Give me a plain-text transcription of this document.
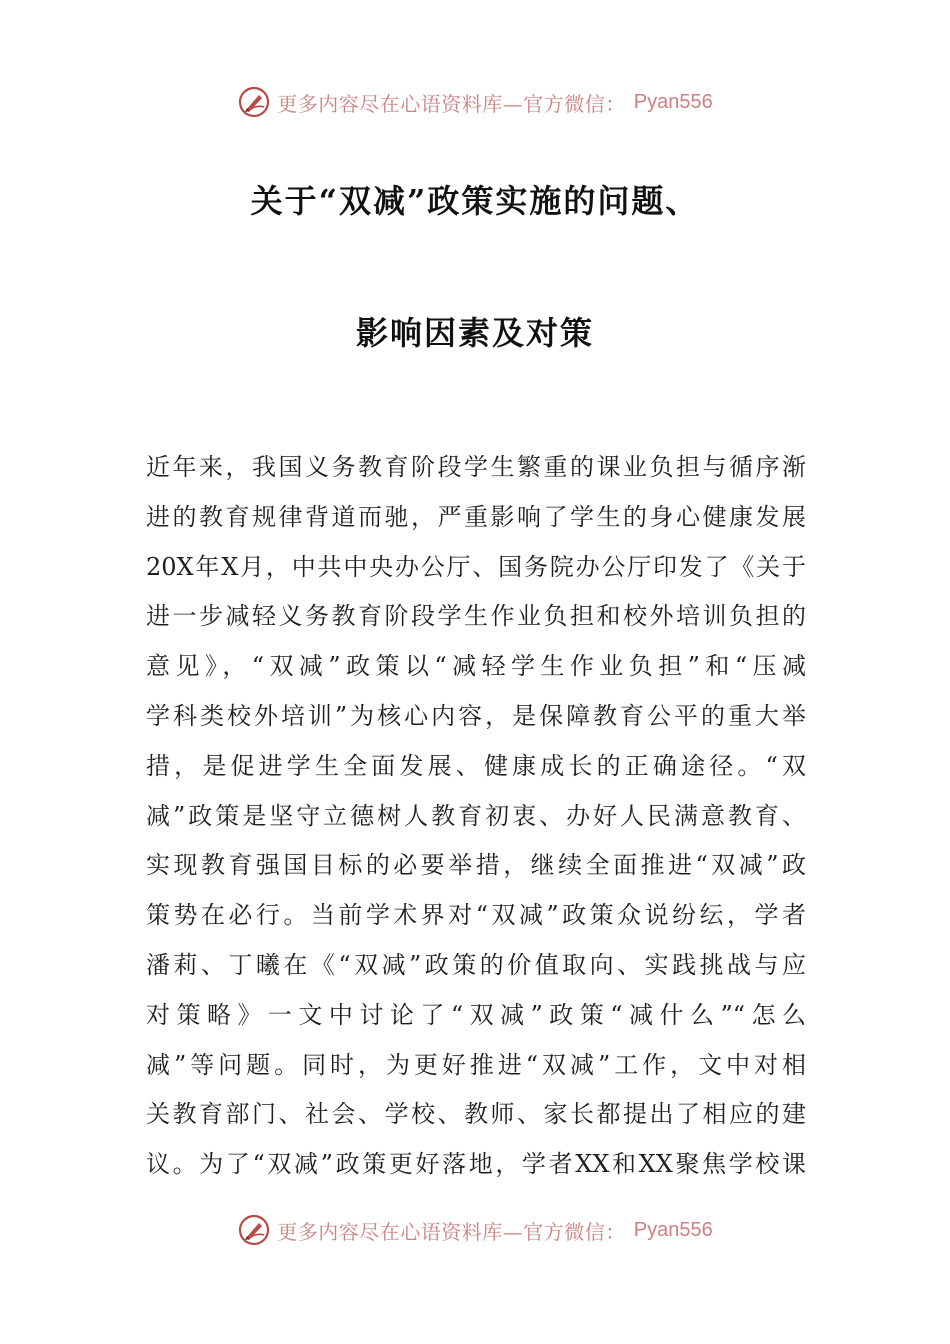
更多内容尽在心语资料库—官方微信： Pyan556
关于“双减”政策实施的问题、
影响因素及对策
近年来，我国义务教育阶段学生繁重的课业负担与循序渐
进的教育规律背道而驰，严重影响了学生的身心健康发展
20X年X月，中共中央办公厅、国务院办公厅印发了《关于
进一步减轻义务教育阶段学生作业负担和校外培训负担的
意见》，“双减”政策以“减轻学生作业负担”和“压减
学科类校外培训”为核心内容，是保障教育公平的重大举
措，是促进学生全面发展、健康成长的正确途径。“双
减”政策是坚守立德树人教育初衷、办好人民满意教育、
实现教育强国目标的必要举措，继续全面推进“双减”政
策势在必行。当前学术界对“双减”政策众说纷纭，学者
潘莉、丁曦在《“双减”政策的价值取向、实践挑战与应
对策略》一文中讨论了“双减”政策“减什么”“怎么
减”等问题。同时，为更好推进“双减”工作，文中对相
关教育部门、社会、学校、教师、家长都提出了相应的建
议。为了“双减”政策更好落地，学者XX和XX聚焦学校课
更多内容尽在心语资料库—官方微信： Pyan556
